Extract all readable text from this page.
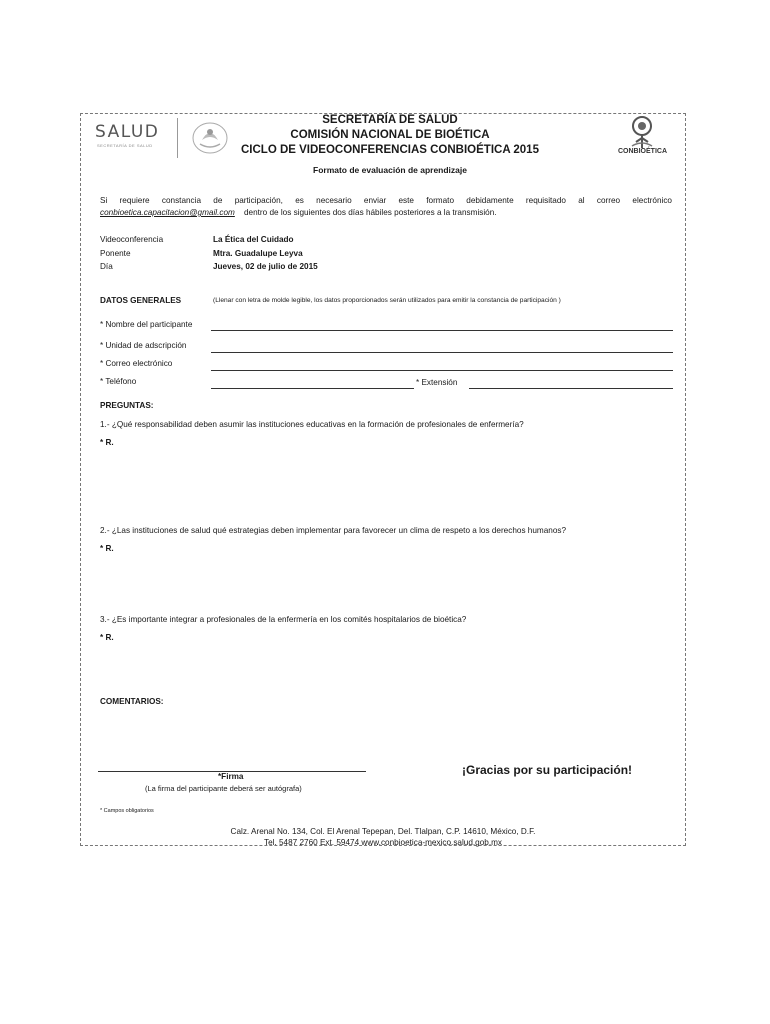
SALUD
SECRETARÍA DE SALUD
CONBIOÉTICA
SECRETARÍA DE SALUD
COMISIÓN NACIONAL DE BIOÉTICA
CICLO DE VIDEOCONFERENCIAS CONBIOÉTICA 2015
Formato de evaluación de aprendizaje
Si requiere constancia de participación, es necesario enviar este formato debidamente requisitado al correo electrónico
conbioetica.capacitacion@gmail.com dentro de los siguientes dos días hábiles posteriores a la transmisión.
Videoconferencia	La Ética del Cuidado
Ponente	Mtra. Guadalupe Leyva
Día	Jueves, 02 de julio de 2015
DATOS GENERALES	(Llenar con letra de molde legible, los datos proporcionados serán utilizados para emitir la constancia de participación )
* Nombre del participante
* Unidad de adscripción
* Correo electrónico
* Teléfono	* Extensión
PREGUNTAS:
1.- ¿Qué responsabilidad deben asumir las instituciones educativas en la formación de profesionales de enfermería?
* R.
2.- ¿Las instituciones de salud qué estrategias deben implementar para favorecer un clima de respeto a los derechos humanos?
* R.
3.- ¿Es importante integrar a profesionales de la enfermería en los comités hospitalarios de bioética?
* R.
COMENTARIOS:
*Firma
(La firma del participante deberá ser autógrafa)
¡Gracias por su participación!
* Campos obligatorios
Calz. Arenal No. 134, Col. El Arenal Tepepan, Del. Tlalpan, C.P. 14610, México, D.F.
Tel. 5487 2760 Ext. 59474 www.conbioetica-mexico.salud.gob.mx
